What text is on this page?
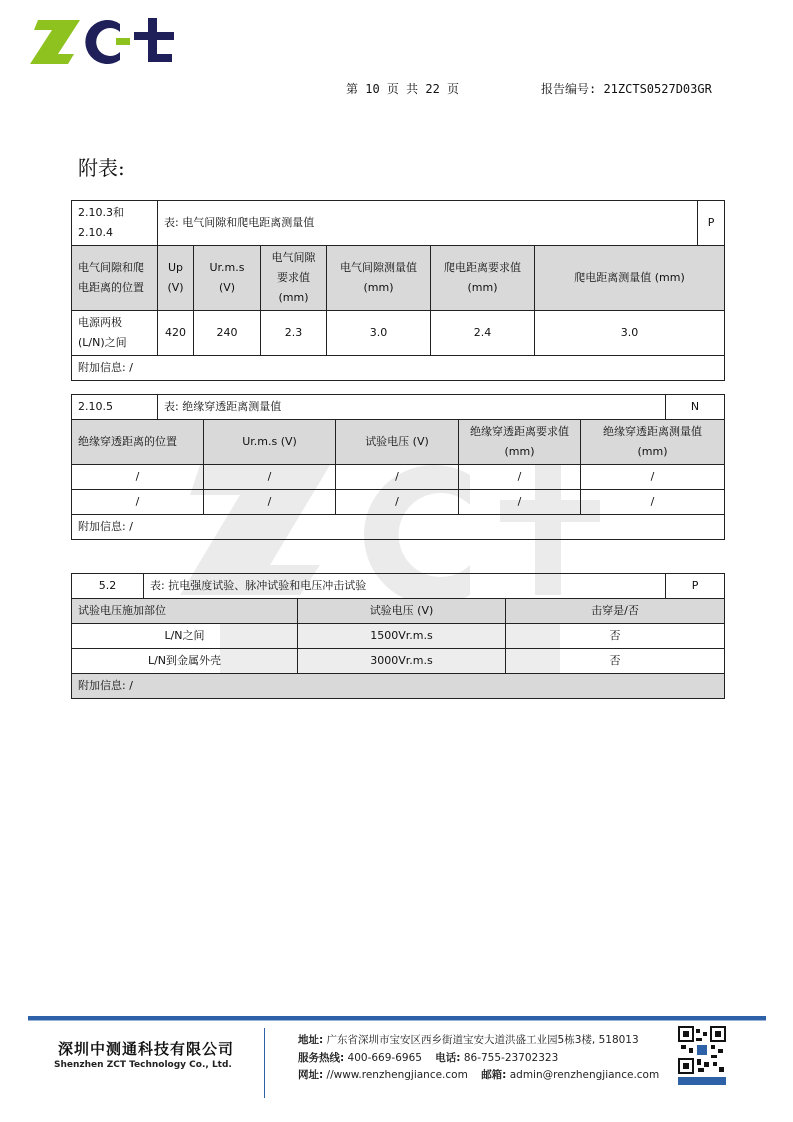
第 10 页 共 22 页	报告编号: 21ZCTS0527D03GR
附表:
2.10.3和2.10.4	表: 电气间隙和爬电距离测量值						P
电气间隙和爬电距离的位置	Up (V)	Ur.m.s (V)	电气间隙要求值 (mm)	电气间隙测量值 (mm)	爬电距离要求值 (mm)	爬电距离测量值 (mm)	
电源两极 (L/N)之间	420	240	2.3	3.0	2.4	3.0	
附加信息: /							
2.10.5	表: 绝缘穿透距离测量值					N
绝缘穿透距离的位置		Ur.m.s (V)	试验电压 (V)	绝缘穿透距离要求值 (mm)	绝缘穿透距离测量值 (mm)	
/		/	/	/	/	
/		/	/	/	/	
附加信息: /						
5.2	表: 抗电强度试验、脉冲试验和电压冲击试验			P
试验电压施加部位		试验电压 (V)	击穿是/否	
L/N之间		1500Vr.m.s	否	
L/N到金属外壳		3000Vr.m.s	否	
附加信息: /				
深圳中测通科技有限公司
Shenzhen ZCT Technology Co., Ltd.
地址: 广东省深圳市宝安区西乡街道宝安大道洪盛工业园5栋3楼, 518013
服务热线: 400-669-6965 电话: 86-755-23702323
网址: //www.renzhengjiance.com 邮箱: admin@renzhengjiance.com
